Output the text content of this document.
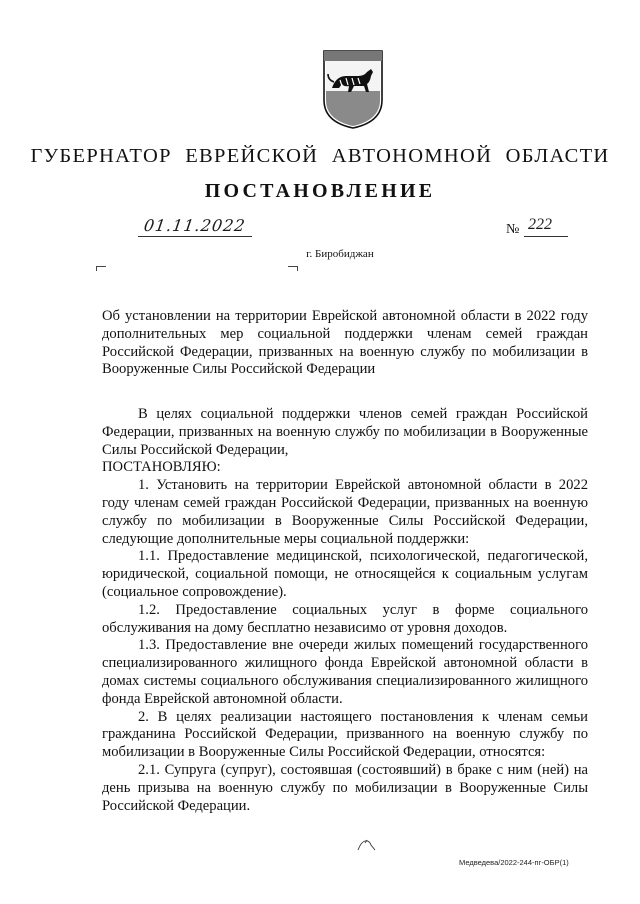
ГУБЕРНАТОР ЕВРЕЙСКОЙ АВТОНОМНОЙ ОБЛАСТИ
ПОСТАНОВЛЕНИЕ
01.11.2022	№ 222
г. Биробиджан
Об установлении на территории Еврейской автономной области в 2022 году дополнительных мер социальной поддержки членам семей граждан Российской Федерации, призванных на военную службу по мобилизации в Вооруженные Силы Российской Федерации

В целях социальной поддержки членов семей граждан Российской Федерации, призванных на военную службу по мобилизации в Вооруженные Силы Российской Федерации,

ПОСТАНОВЛЯЮ:

1. Установить на территории Еврейской автономной области в 2022 году членам семей граждан Российской Федерации, призванных на военную службу по мобилизации в Вооруженные Силы Российской Федерации, следующие дополнительные меры социальной поддержки:

1.1. Предоставление медицинской, психологической, педагогической, юридической, социальной помощи, не относящейся к социальным услугам (социальное сопровождение).

1.2. Предоставление социальных услуг в форме социального обслуживания на дому бесплатно независимо от уровня доходов.

1.3. Предоставление вне очереди жилых помещений государственного специализированного жилищного фонда Еврейской автономной области в домах системы социального обслуживания специализированного жилищного фонда Еврейской автономной области.

2. В целях реализации настоящего постановления к членам семьи гражданина Российской Федерации, призванного на военную службу по мобилизации в Вооруженные Силы Российской Федерации, относятся:

2.1. Супруга (супруг), состоявшая (состоявший) в браке с ним (ней) на день призыва на военную службу по мобилизации в Вооруженные Силы Российской Федерации.

Медведева/2022-244-пг-ОБР(1)
